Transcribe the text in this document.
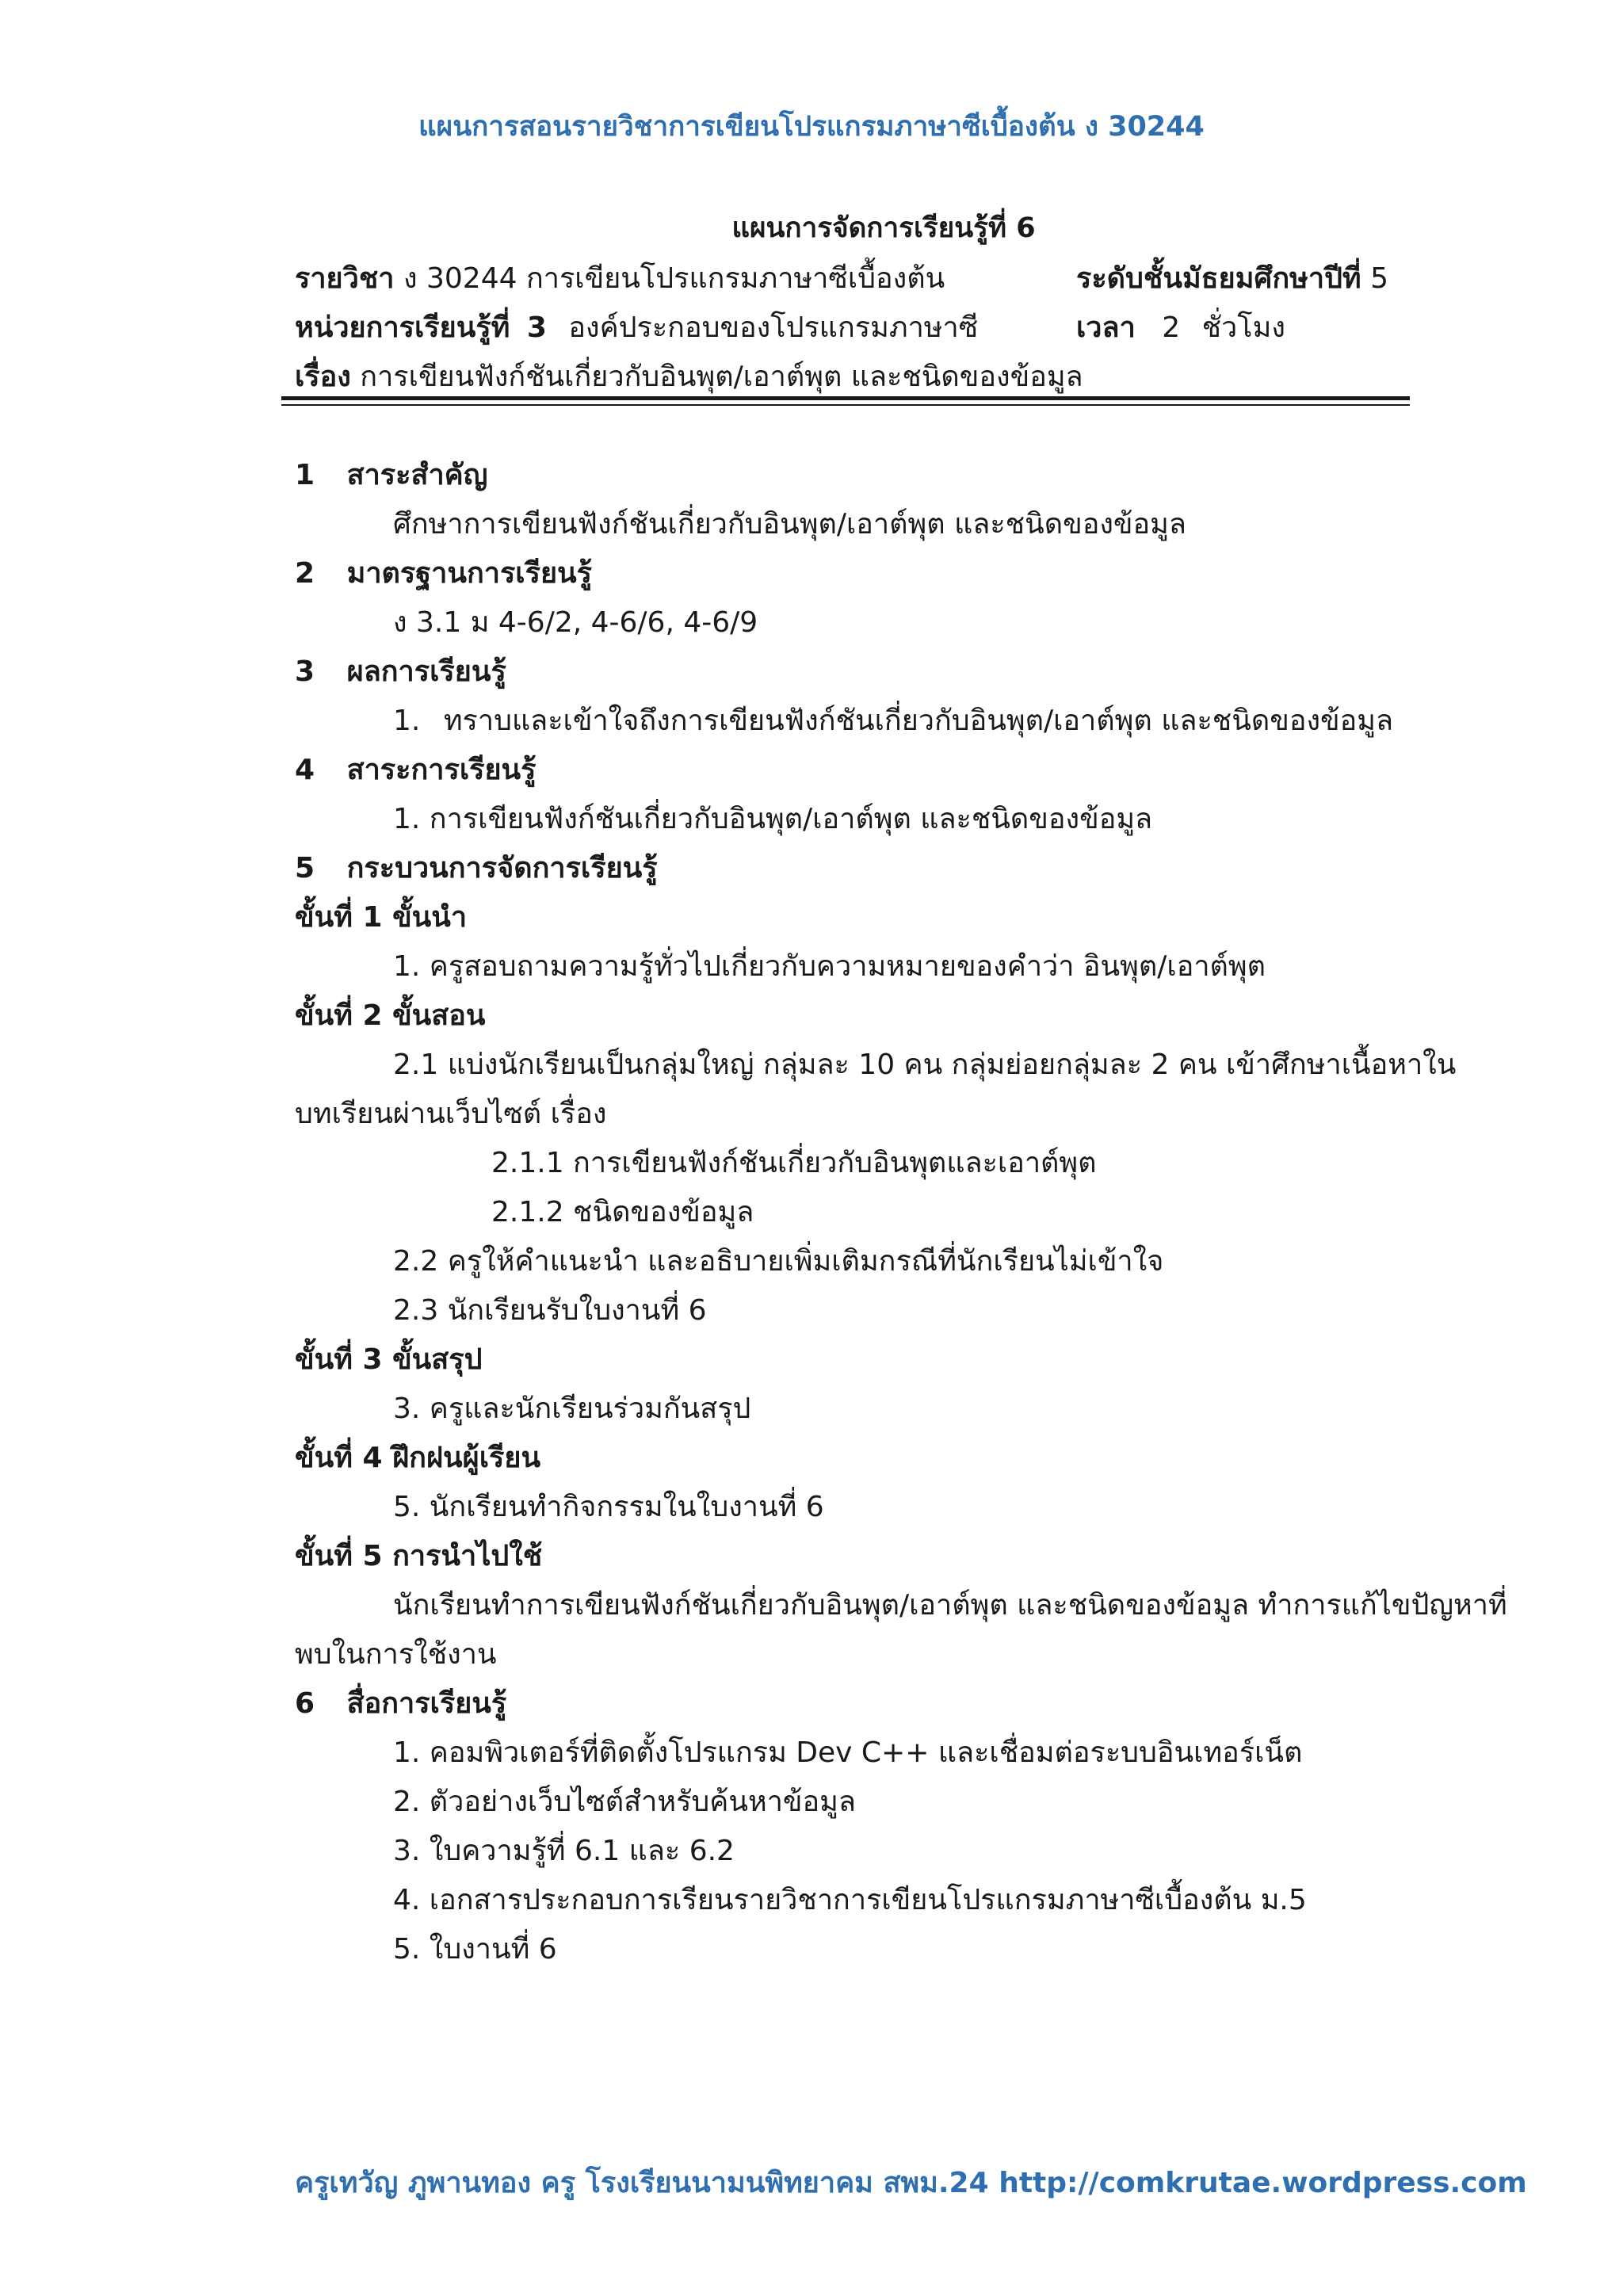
แผนการสอนรายวิชาการเขียนโปรแกรมภาษาซีเบื้องต้น ง 30244
แผนการจัดการเรียนรู้ที่ 6
รายวิชา ง 30244 การเขียนโปรแกรมภาษาซีเบื้องต้น	ระดับชั้นมัธยมศึกษาปีที่ 5
หน่วยการเรียนรู้ที่ 3 องค์ประกอบของโปรแกรมภาษาซี	เวลา 2 ชั่วโมง
เรื่อง การเขียนฟังก์ชันเกี่ยวกับอินพุต/เอาต์พุต และชนิดของข้อมูล
1 สาระสำคัญ
ศึกษาการเขียนฟังก์ชันเกี่ยวกับอินพุต/เอาต์พุต และชนิดของข้อมูล
2 มาตรฐานการเรียนรู้
ง 3.1 ม 4-6/2, 4-6/6, 4-6/9
3 ผลการเรียนรู้
1. ทราบและเข้าใจถึงการเขียนฟังก์ชันเกี่ยวกับอินพุต/เอาต์พุต และชนิดของข้อมูล
4 สาระการเรียนรู้
1. การเขียนฟังก์ชันเกี่ยวกับอินพุต/เอาต์พุต และชนิดของข้อมูล
5 กระบวนการจัดการเรียนรู้
ขั้นที่ 1 ขั้นนำ
1. ครูสอบถามความรู้ทั่วไปเกี่ยวกับความหมายของคำว่า อินพุต/เอาต์พุต
ขั้นที่ 2 ขั้นสอน
2.1 แบ่งนักเรียนเป็นกลุ่มใหญ่ กลุ่มละ 10 คน กลุ่มย่อยกลุ่มละ 2 คน เข้าศึกษาเนื้อหาใน
บทเรียนผ่านเว็บไซต์ เรื่อง
2.1.1 การเขียนฟังก์ชันเกี่ยวกับอินพุตและเอาต์พุต
2.1.2 ชนิดของข้อมูล
2.2 ครูให้คำแนะนำ และอธิบายเพิ่มเติมกรณีที่นักเรียนไม่เข้าใจ
2.3 นักเรียนรับใบงานที่ 6
ขั้นที่ 3 ขั้นสรุป
3. ครูและนักเรียนร่วมกันสรุป
ขั้นที่ 4 ฝึกฝนผู้เรียน
5. นักเรียนทำกิจกรรมในใบงานที่ 6
ขั้นที่ 5 การนำไปใช้
นักเรียนทำการเขียนฟังก์ชันเกี่ยวกับอินพุต/เอาต์พุต และชนิดของข้อมูล ทำการแก้ไขปัญหาที่
พบในการใช้งาน
6 สื่อการเรียนรู้
1. คอมพิวเตอร์ที่ติดตั้งโปรแกรม Dev C++ และเชื่อมต่อระบบอินเทอร์เน็ต
2. ตัวอย่างเว็บไซต์สำหรับค้นหาข้อมูล
3. ใบความรู้ที่ 6.1 และ 6.2
4. เอกสารประกอบการเรียนรายวิชาการเขียนโปรแกรมภาษาซีเบื้องต้น ม.5
5. ใบงานที่ 6
ครูเทวัญ ภูพานทอง ครู โรงเรียนนามนพิทยาคม สพม.24 http://comkrutae.wordpress.com
